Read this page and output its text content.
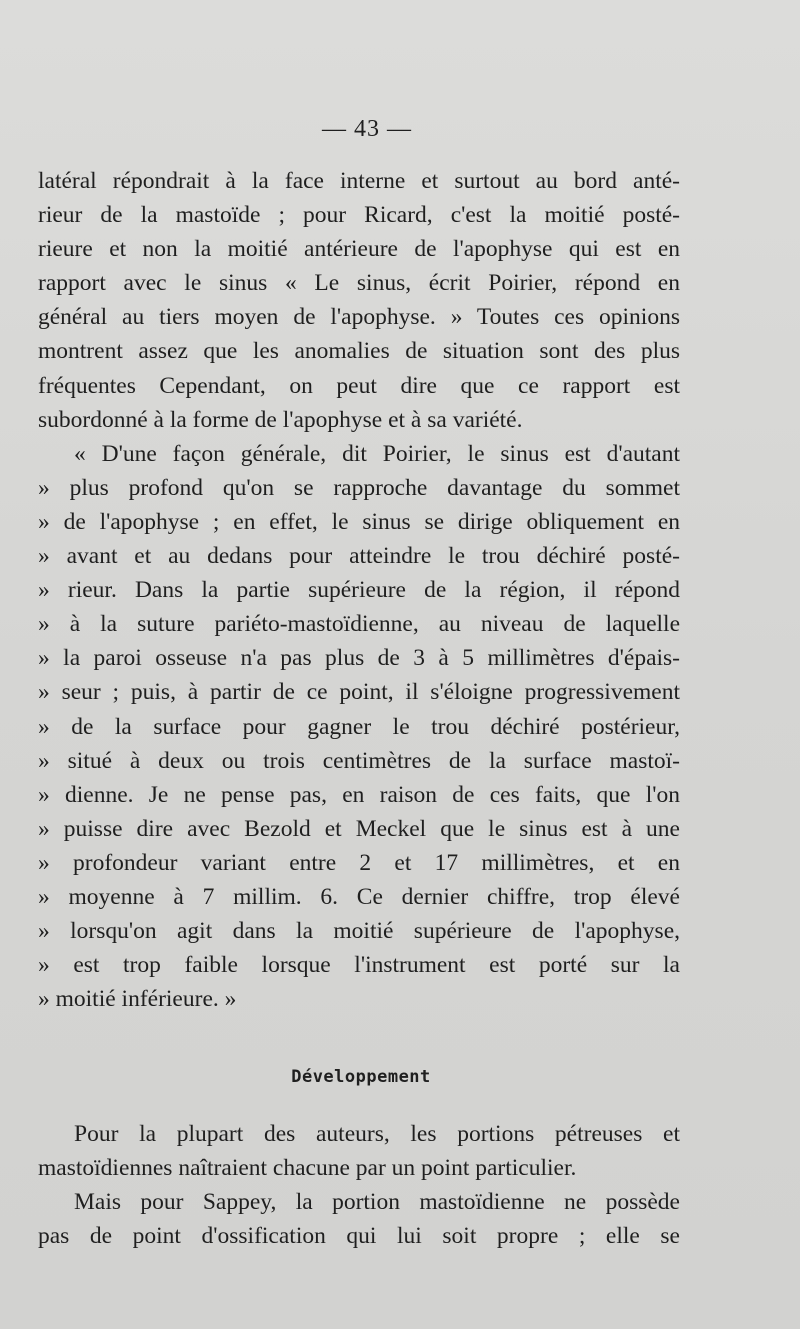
— 43 —
latéral répondrait à la face interne et surtout au bord anté-
rieur de la mastoïde ; pour Ricard, c'est la moitié posté-
rieure et non la moitié antérieure de l'apophyse qui est en
rapport avec le sinus « Le sinus, écrit Poirier, répond en
général au tiers moyen de l'apophyse. » Toutes ces opinions
montrent assez que les anomalies de situation sont des plus
fréquentes Cependant, on peut dire que ce rapport est
subordonné à la forme de l'apophyse et à sa variété.
« D'une façon générale, dit Poirier, le sinus est d'autant
» plus profond qu'on se rapproche davantage du sommet
» de l'apophyse ; en effet, le sinus se dirige obliquement en
» avant et au dedans pour atteindre le trou déchiré posté-
» rieur. Dans la partie supérieure de la région, il répond
» à la suture pariéto-mastoïdienne, au niveau de laquelle
» la paroi osseuse n'a pas plus de 3 à 5 millimètres d'épais-
» seur ; puis, à partir de ce point, il s'éloigne progressivement
» de la surface pour gagner le trou déchiré postérieur,
» situé à deux ou trois centimètres de la surface mastoï-
» dienne. Je ne pense pas, en raison de ces faits, que l'on
» puisse dire avec Bezold et Meckel que le sinus est à une
» profondeur variant entre 2 et 17 millimètres, et en
» moyenne à 7 millim. 6. Ce dernier chiffre, trop élevé
» lorsqu'on agit dans la moitié supérieure de l'apophyse,
» est trop faible lorsque l'instrument est porté sur la
» moitié inférieure. »
Développement
Pour la plupart des auteurs, les portions pétreuses et
mastoïdiennes naîtraient chacune par un point particulier.
Mais pour Sappey, la portion mastoïdienne ne possède
pas de point d'ossification qui lui soit propre ; elle se
